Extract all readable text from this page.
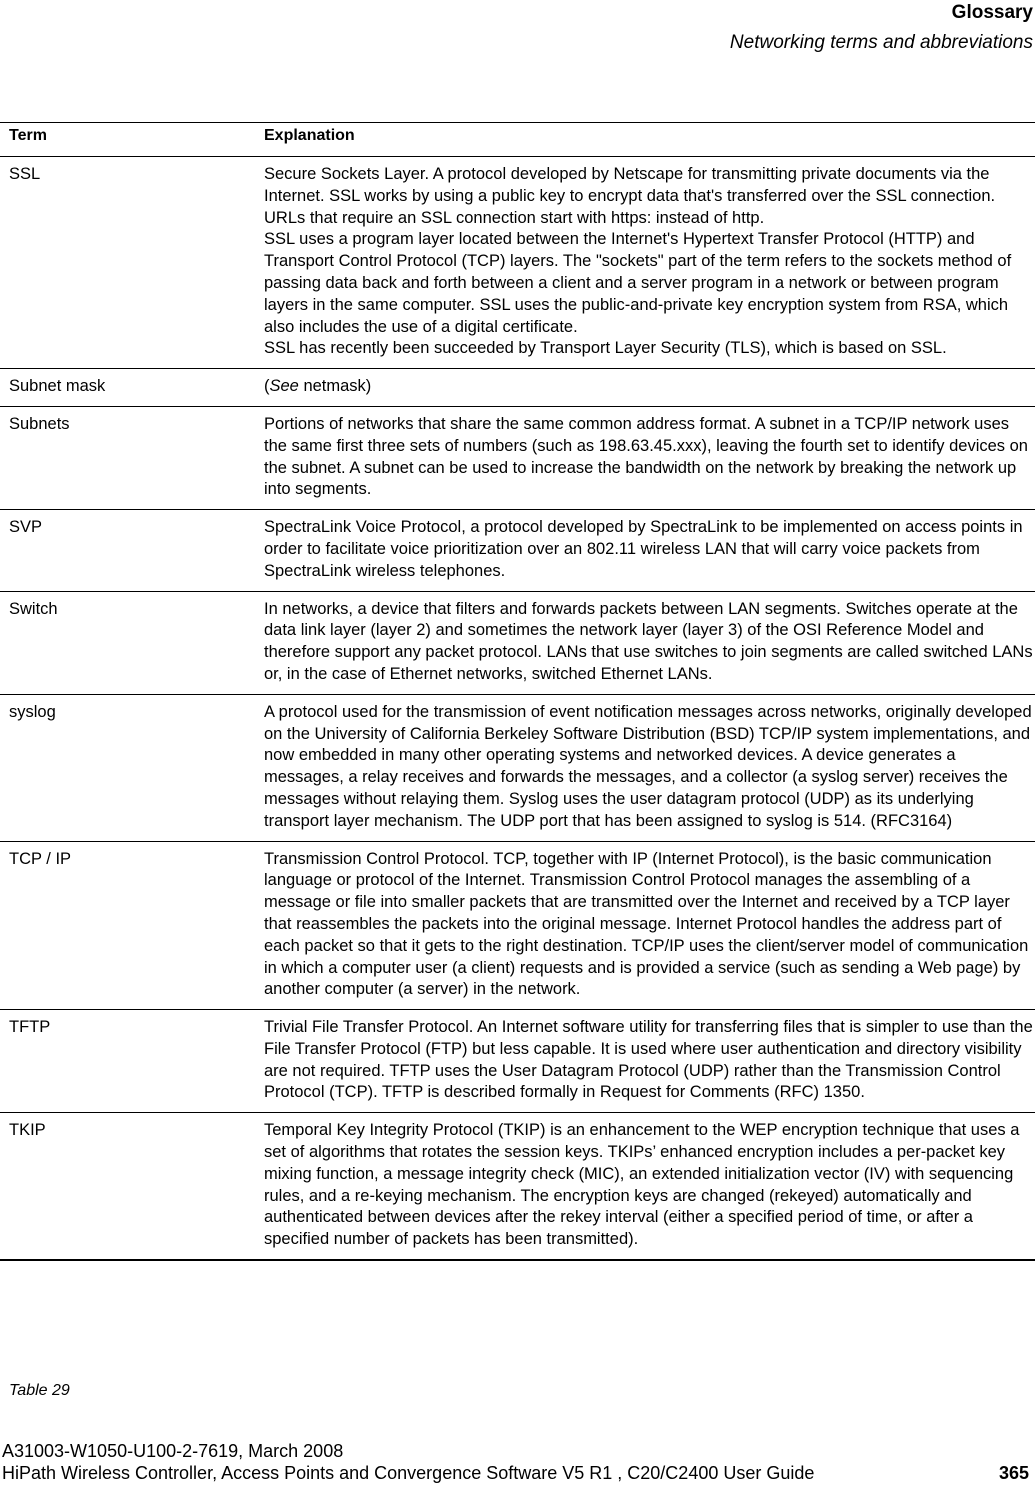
Glossary
Networking terms and abbreviations
Term	Explanation
SSL	Secure Sockets Layer. A protocol developed by Netscape for transmitting private documents via the Internet. SSL works by using a public key to encrypt data that's transferred over the SSL connection. URLs that require an SSL connection start with https: instead of http.

SSL uses a program layer located between the Internet's Hypertext Transfer Protocol (HTTP) and Transport Control Protocol (TCP) layers. The "sockets" part of the term refers to the sockets method of passing data back and forth between a client and a server program in a network or between program layers in the same computer. SSL uses the public-and-private key encryption system from RSA, which also includes the use of a digital certificate.

SSL has recently been succeeded by Transport Layer Security (TLS), which is based on SSL.

Subnet mask	(See netmask)
Subnets	Portions of networks that share the same common address format. A subnet in a TCP/IP network uses the same first three sets of numbers (such as 198.63.45.xxx), leaving the fourth set to identify devices on the subnet. A subnet can be used to increase the bandwidth on the network by breaking the network up into segments.

SVP	SpectraLink Voice Protocol, a protocol developed by SpectraLink to be implemented on access points in order to facilitate voice prioritization over an 802.11 wireless LAN that will carry voice packets from SpectraLink wireless telephones.

Switch	In networks, a device that filters and forwards packets between LAN segments. Switches operate at the data link layer (layer 2) and sometimes the network layer (layer 3) of the OSI Reference Model and therefore support any packet protocol. LANs that use switches to join segments are called switched LANs or, in the case of Ethernet networks, switched Ethernet LANs.

syslog	A protocol used for the transmission of event notification messages across networks, originally developed on the University of California Berkeley Software Distribution (BSD) TCP/IP system implementations, and now embedded in many other operating systems and networked devices. A device generates a messages, a relay receives and forwards the messages, and a collector (a syslog server) receives the messages without relaying them. Syslog uses the user datagram protocol (UDP) as its underlying transport layer mechanism. The UDP port that has been assigned to syslog is 514. (RFC3164)

TCP / IP	Transmission Control Protocol. TCP, together with IP (Internet Protocol), is the basic communication language or protocol of the Internet. Transmission Control Protocol manages the assembling of a message or file into smaller packets that are transmitted over the Internet and received by a TCP layer that reassembles the packets into the original message. Internet Protocol handles the address part of each packet so that it gets to the right destination. TCP/IP uses the client/server model of communication in which a computer user (a client) requests and is provided a service (such as sending a Web page) by another computer (a server) in the network.

TFTP	Trivial File Transfer Protocol. An Internet software utility for transferring files that is simpler to use than the File Transfer Protocol (FTP) but less capable. It is used where user authentication and directory visibility are not required. TFTP uses the User Datagram Protocol (UDP) rather than the Transmission Control Protocol (TCP). TFTP is described formally in Request for Comments (RFC) 1350.

TKIP	Temporal Key Integrity Protocol (TKIP) is an enhancement to the WEP encryption technique that uses a set of algorithms that rotates the session keys. TKIPs’ enhanced encryption includes a per-packet key mixing function, a message integrity check (MIC), an extended initialization vector (IV) with sequencing rules, and a re-keying mechanism. The encryption keys are changed (rekeyed) automatically and authenticated between devices after the rekey interval (either a specified period of time, or after a specified number of packets has been transmitted).

Table 29
A31003-W1050-U100-2-7619, March 2008
HiPath Wireless Controller, Access Points and Convergence Software V5 R1 , C20/C2400 User Guide	365
